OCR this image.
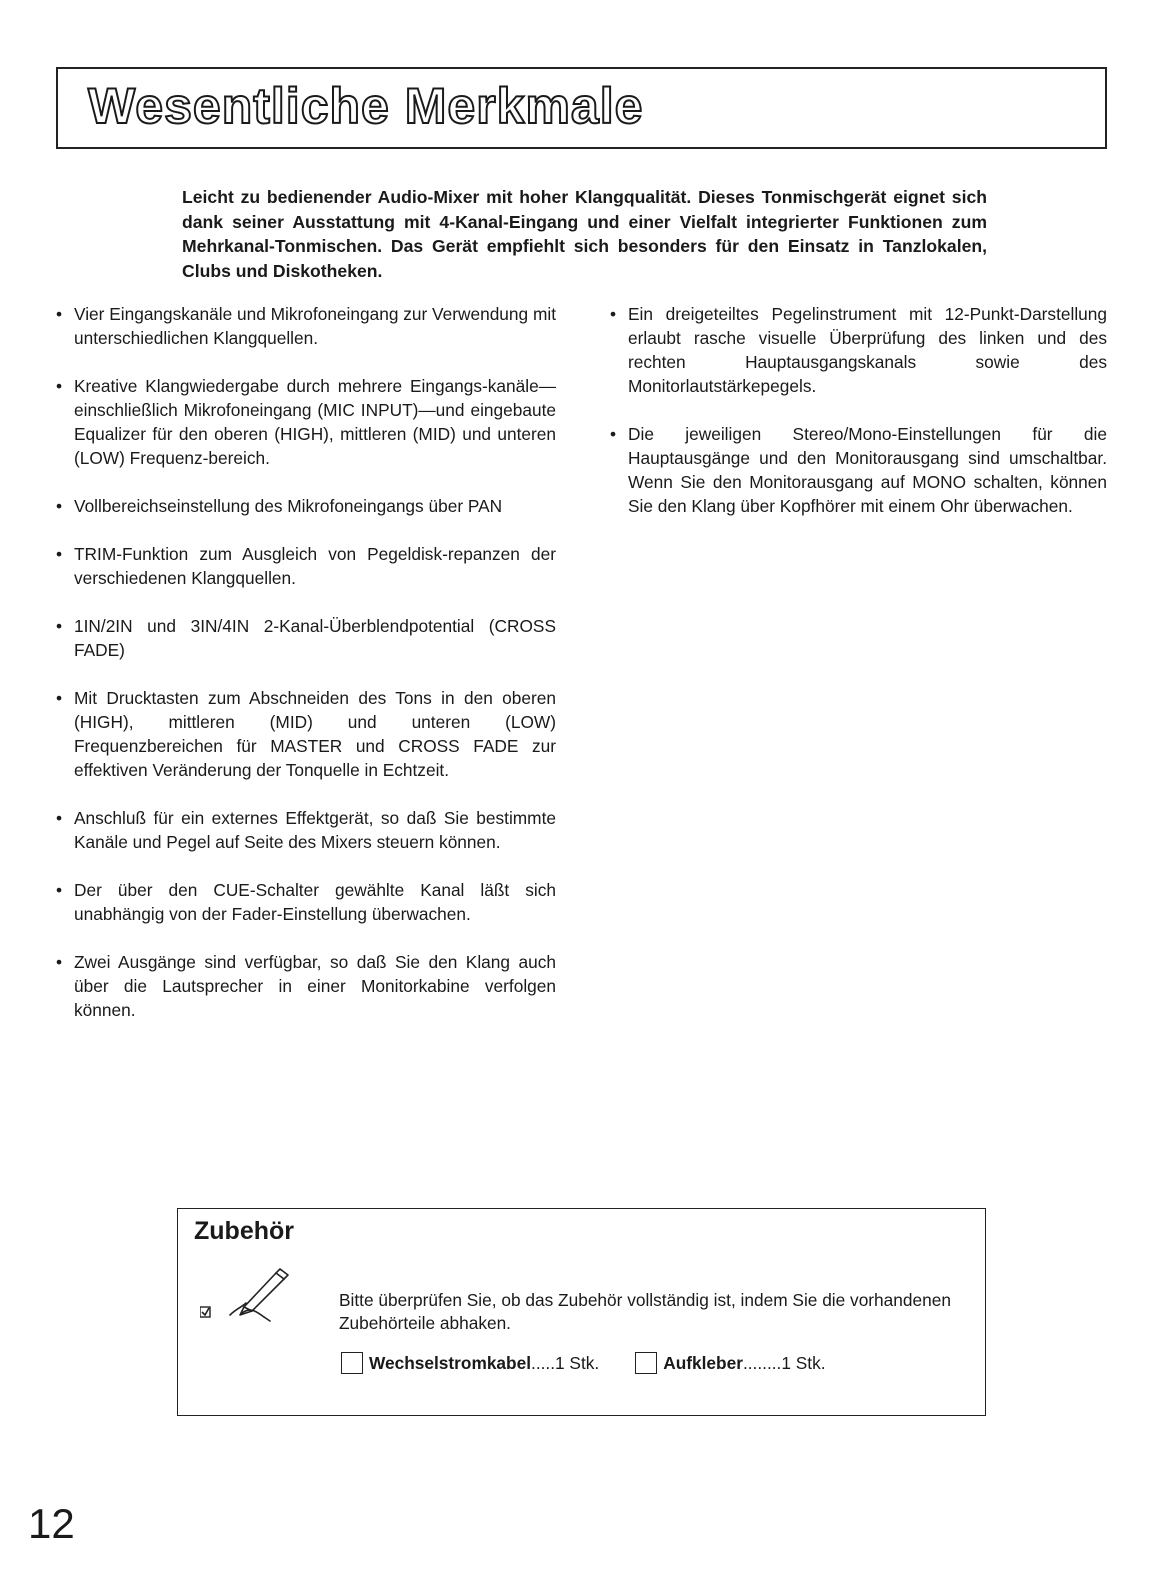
Wesentliche Merkmale

Leicht zu bedienender Audio-Mixer mit hoher Klangqualität. Dieses Tonmischgerät eignet sich dank seiner Ausstattung mit 4-Kanal-Eingang und einer Vielfalt integrierter Funktionen zum Mehrkanal-Tonmischen. Das Gerät empfiehlt sich besonders für den Einsatz in Tanzlokalen, Clubs und Diskotheken.

• Vier Eingangskanäle und Mikrofoneingang zur Verwendung mit unterschiedlichen Klangquellen.
• Kreative Klangwiedergabe durch mehrere Eingangs-kanäle—einschließlich Mikrofoneingang (MIC INPUT)—und eingebaute Equalizer für den oberen (HIGH), mittleren (MID) und unteren (LOW) Frequenz-bereich.
• Vollbereichseinstellung des Mikrofoneingangs über PAN
• TRIM-Funktion zum Ausgleich von Pegeldisk-repanzen der verschiedenen Klangquellen.
• 1IN/2IN und 3IN/4IN 2-Kanal-Überblendpotential (CROSS FADE)
• Mit Drucktasten zum Abschneiden des Tons in den oberen (HIGH), mittleren (MID) und unteren (LOW) Frequenzbereichen für MASTER und CROSS FADE zur effektiven Veränderung der Tonquelle in Echtzeit.
• Anschluß für ein externes Effektgerät, so daß Sie bestimmte Kanäle und Pegel auf Seite des Mixers steuern können.
• Der über den CUE-Schalter gewählte Kanal läßt sich unabhängig von der Fader-Einstellung überwachen.
• Zwei Ausgänge sind verfügbar, so daß Sie den Klang auch über die Lautsprecher in einer Monitorkabine verfolgen können.
• Ein dreigeteiltes Pegelinstrument mit 12-Punkt-Darstellung erlaubt rasche visuelle Überprüfung des linken und des rechten Hauptausgangskanals sowie des Monitorlautstärkepegels.
• Die jeweiligen Stereo/Mono-Einstellungen für die Hauptausgänge und den Monitorausgang sind umschaltbar. Wenn Sie den Monitorausgang auf MONO schalten, können Sie den Klang über Kopfhörer mit einem Ohr überwachen.
Zubehör
Bitte überprüfen Sie, ob das Zubehör vollständig ist, indem Sie die vorhandenen Zubehörteile abhaken.
Wechselstromkabel .....1 Stk.	Aufkleber ........1 Stk.
12
